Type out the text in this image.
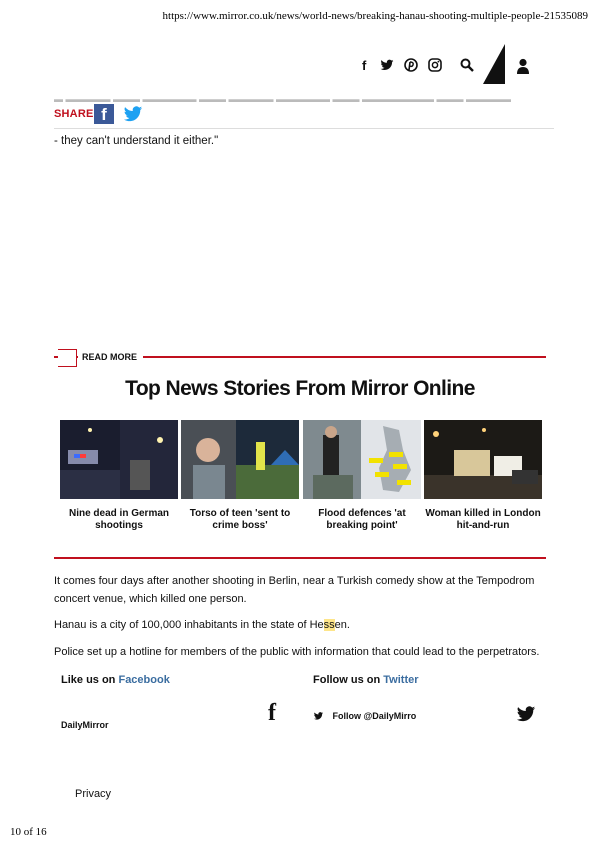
https://www.mirror.co.uk/news/world-news/breaking-hanau-shooting-multiple-people-21535089
f
▬ ▬▬▬▬▬ ▬▬▬ ▬▬▬▬▬▬ ▬▬▬ ▬▬▬▬▬ ▬▬▬▬▬▬ ▬▬▬ ▬▬▬▬▬▬▬▬ ▬▬▬ ▬▬▬▬▬
SHARE f
- they can't understand it either."
READ MORE
Top News Stories From Mirror Online
Nine dead in German shootings
Torso of teen 'sent to crime boss'
Flood defences 'at breaking point'
Woman killed in London hit-and-run
It comes four days after another shooting in Berlin, near a Turkish comedy show at the Tempodrom concert venue, which killed one person.
Hanau is a city of 100,000 inhabitants in the state of Hessen.
Police set up a hotline for members of the public with information that could lead to the perpetrators.
Like us on Facebook	Follow us on Twitter
DailyMirror	f	Follow @DailyMirro
Privacy
10 of 16
